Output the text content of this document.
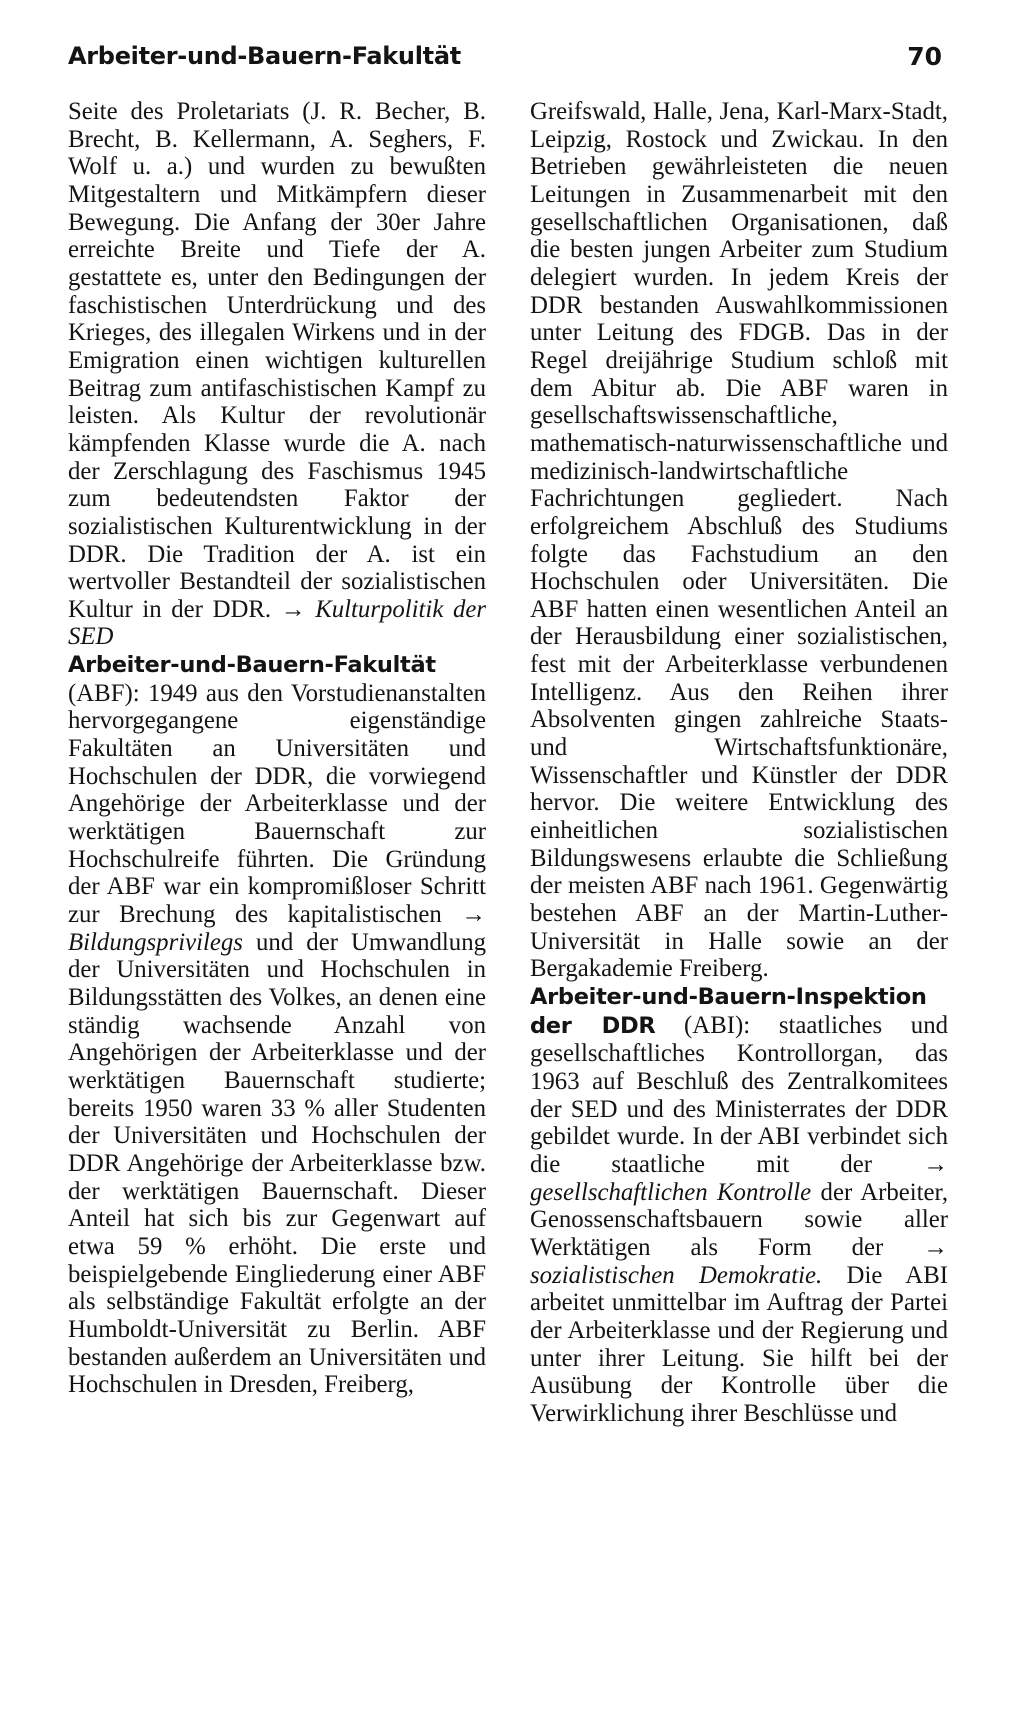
Arbeiter-und-Bauern-Fakultät	70

Seite des Proletariats (J. R. Becher, B. Brecht, B. Kellermann, A. Seghers, F. Wolf u. a.) und wurden zu bewußten Mitgestaltern und Mitkämpfern dieser Bewegung. Die Anfang der 30er Jahre erreichte Breite und Tiefe der A. gestattete es, unter den Bedingungen der faschistischen Unterdrückung und des Krieges, des illegalen Wirkens und in der Emigration einen wichtigen kulturellen Beitrag zum antifaschistischen Kampf zu leisten. Als Kultur der revolutionär kämpfenden Klasse wurde die A. nach der Zerschlagung des Faschismus 1945 zum bedeutendsten Faktor der sozialistischen Kulturentwicklung in der DDR. Die Tradition der A. ist ein wertvoller Bestandteil der sozialistischen Kultur in der DDR. → Kulturpolitik der SED

Arbeiter-und-Bauern-Fakultät
(ABF): 1949 aus den Vorstudienanstalten hervorgegangene eigenständige Fakultäten an Universitäten und Hochschulen der DDR, die vorwiegend Angehörige der Arbeiterklasse und der werktätigen Bauernschaft zur Hochschulreife führten. Die Gründung der ABF war ein kompromißloser Schritt zur Brechung des kapitalistischen → Bildungsprivilegs und der Umwandlung der Universitäten und Hochschulen in Bildungsstätten des Volkes, an denen eine ständig wachsende Anzahl von Angehörigen der Arbeiterklasse und der werktätigen Bauernschaft studierte; bereits 1950 waren 33 % aller Studenten der Universitäten und Hochschulen der DDR Angehörige der Arbeiterklasse bzw. der werktätigen Bauernschaft. Dieser Anteil hat sich bis zur Gegenwart auf etwa 59 % erhöht. Die erste und beispielgebende Eingliederung einer ABF als selbständige Fakultät erfolgte an der Humboldt-Universität zu Berlin. ABF bestanden außerdem an Universitäten und Hochschulen in Dresden, Freiberg,

Greifswald, Halle, Jena, Karl-Marx-Stadt, Leipzig, Rostock und Zwickau. In den Betrieben gewährleisteten die neuen Leitungen in Zusammenarbeit mit den gesellschaftlichen Organisationen, daß die besten jungen Arbeiter zum Studium delegiert wurden. In jedem Kreis der DDR bestanden Auswahlkommissionen unter Leitung des FDGB. Das in der Regel dreijährige Studium schloß mit dem Abitur ab. Die ABF waren in gesellschaftswissenschaftliche, mathematisch-naturwissenschaftliche und medizinisch-landwirtschaftliche Fachrichtungen gegliedert. Nach erfolgreichem Abschluß des Studiums folgte das Fachstudium an den Hochschulen oder Universitäten. Die ABF hatten einen wesentlichen Anteil an der Herausbildung einer sozialistischen, fest mit der Arbeiterklasse verbundenen Intelligenz. Aus den Reihen ihrer Absolventen gingen zahlreiche Staats- und Wirtschaftsfunktionäre, Wissenschaftler und Künstler der DDR hervor. Die weitere Entwicklung des einheitlichen sozialistischen Bildungswesens erlaubte die Schließung der meisten ABF nach 1961. Gegenwärtig bestehen ABF an der Martin-Luther-Universität in Halle sowie an der Bergakademie Freiberg.

Arbeiter-und-Bauern-Inspektion der DDR (ABI): staatliches und gesellschaftliches Kontrollorgan, das 1963 auf Beschluß des Zentralkomitees der SED und des Ministerrates der DDR gebildet wurde. In der ABI verbindet sich die staatliche mit der → gesellschaftlichen Kontrolle der Arbeiter, Genossenschaftsbauern sowie aller Werktätigen als Form der → sozialistischen Demokratie. Die ABI arbeitet unmittelbar im Auftrag der Partei der Arbeiterklasse und der Regierung und unter ihrer Leitung. Sie hilft bei der Ausübung der Kontrolle über die Verwirklichung ihrer Beschlüsse und
